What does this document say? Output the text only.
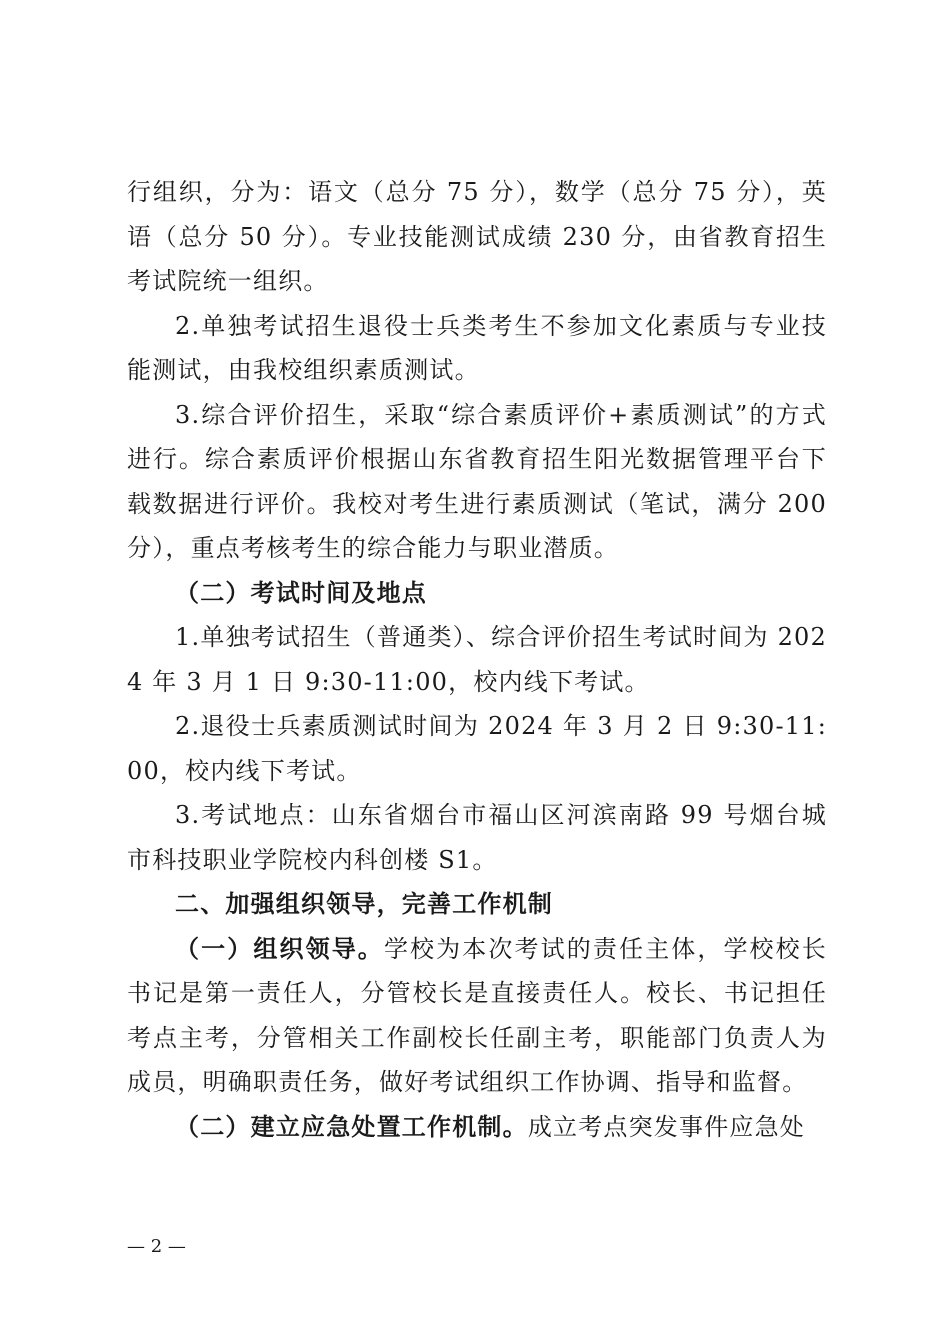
行组织，分为：语文（总分 75 分），数学（总分 75 分），英语（总分 50 分）。专业技能测试成绩 230 分，由省教育招生考试院统一组织。

2.单独考试招生退役士兵类考生不参加文化素质与专业技能测试，由我校组织素质测试。

3.综合评价招生，采取“综合素质评价+素质测试”的方式进行。综合素质评价根据山东省教育招生阳光数据管理平台下载数据进行评价。我校对考生进行素质测试（笔试，满分 200 分），重点考核考生的综合能力与职业潜质。

（二）考试时间及地点

1.单独考试招生（普通类）、综合评价招生考试时间为 2024 年 3 月 1 日 9:30-11:00，校内线下考试。

2.退役士兵素质测试时间为 2024 年 3 月 2 日 9:30-11:00，校内线下考试。

3.考试地点：山东省烟台市福山区河滨南路 99 号烟台城市科技职业学院校内科创楼 S1。

二、加强组织领导，完善工作机制

（一）组织领导。学校为本次考试的责任主体，学校校长书记是第一责任人，分管校长是直接责任人。校长、书记担任考点主考，分管相关工作副校长任副主考，职能部门负责人为成员，明确职责任务，做好考试组织工作协调、指导和监督。

（二）建立应急处置工作机制。成立考点突发事件应急处

— 2 —
